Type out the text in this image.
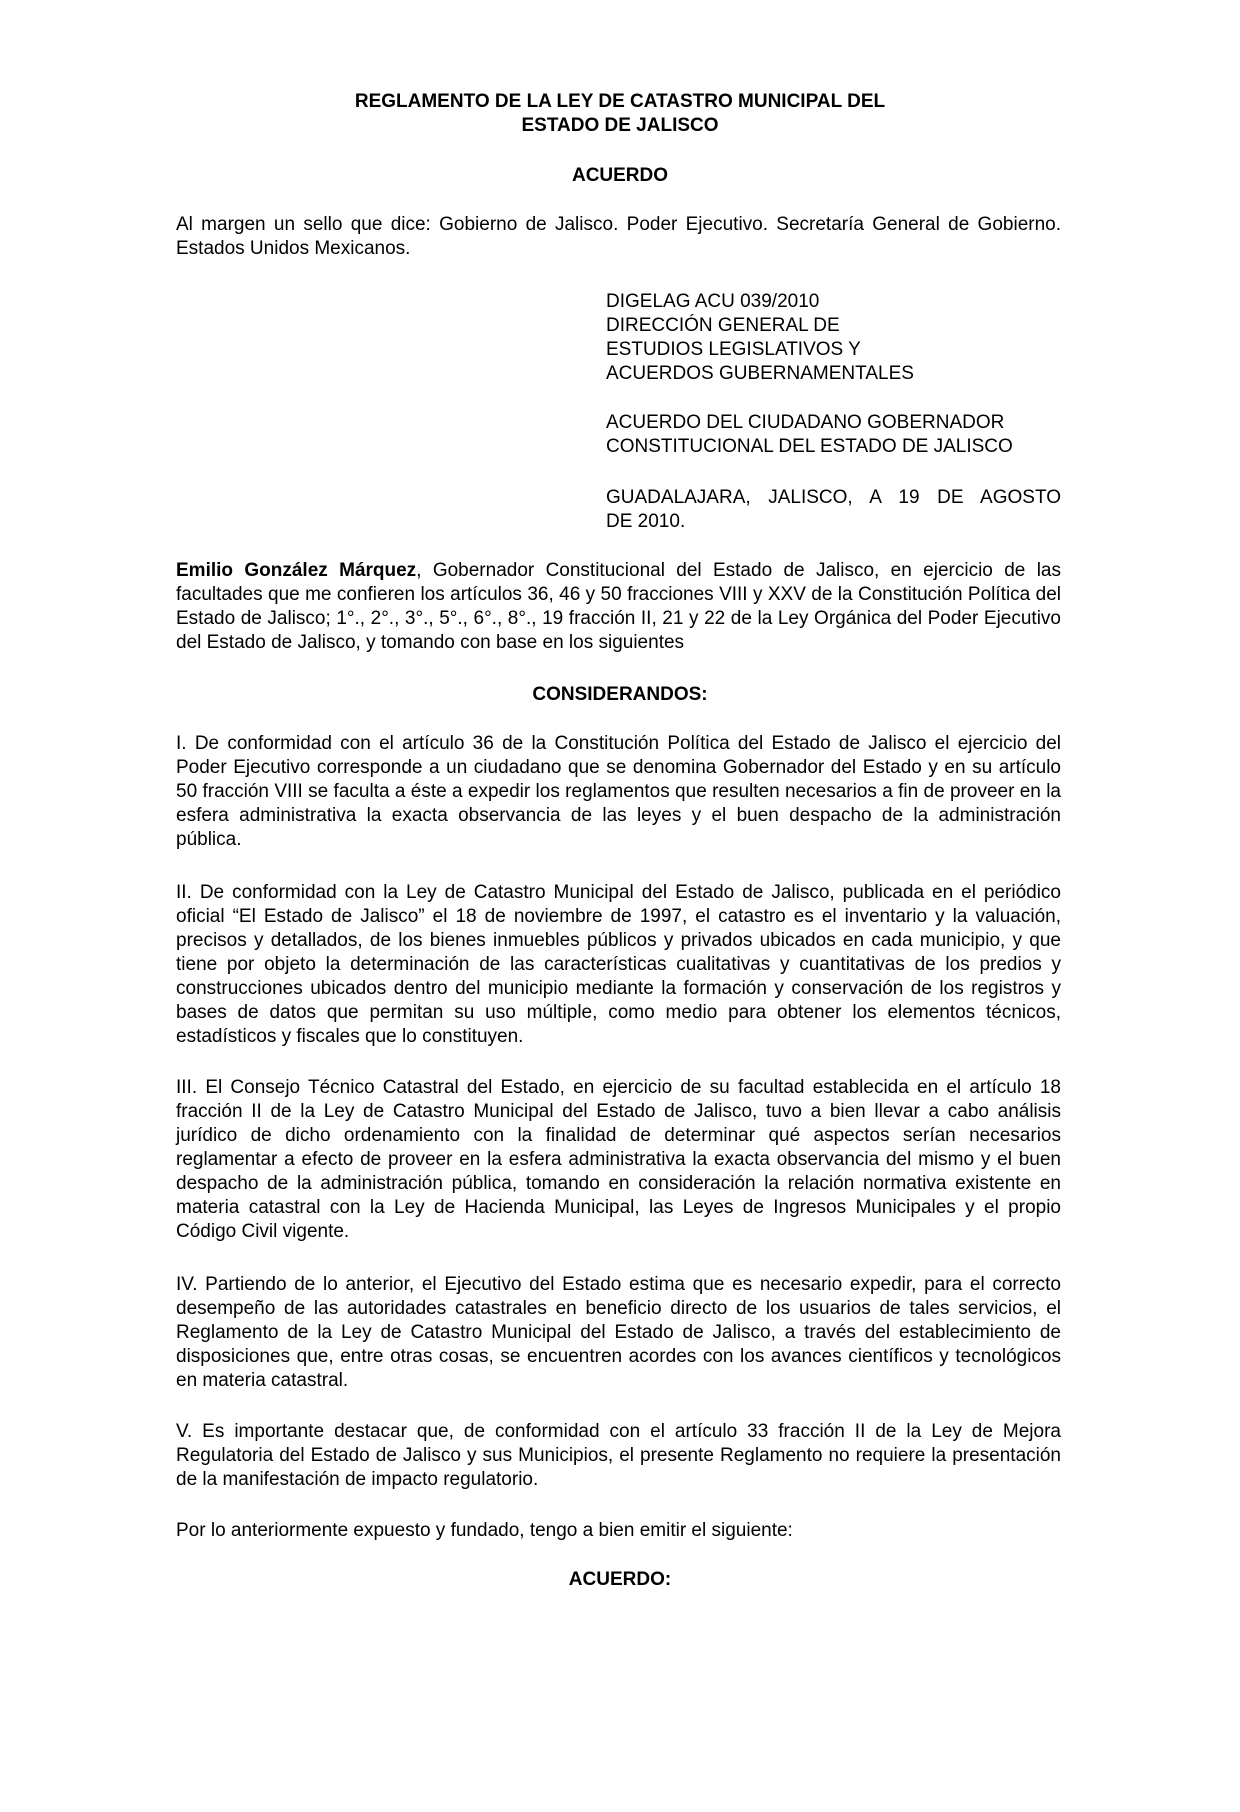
REGLAMENTO DE LA LEY DE CATASTRO MUNICIPAL DEL
ESTADO DE JALISCO
ACUERDO
Al margen un sello que dice: Gobierno de Jalisco. Poder Ejecutivo. Secretaría General de Gobierno. Estados Unidos Mexicanos.
DIGELAG ACU 039/2010
DIRECCIÓN GENERAL DE
ESTUDIOS LEGISLATIVOS Y
ACUERDOS GUBERNAMENTALES
ACUERDO DEL CIUDADANO GOBERNADOR
CONSTITUCIONAL DEL ESTADO DE JALISCO
GUADALAJARA, JALISCO, A 19 DE AGOSTO
DE 2010.
Emilio González Márquez, Gobernador Constitucional del Estado de Jalisco, en ejercicio de las facultades que me confieren los artículos 36, 46 y 50 fracciones VIII y XXV de la Constitución Política del Estado de Jalisco; 1°., 2°., 3°., 5°., 6°., 8°., 19 fracción II, 21 y 22 de la Ley Orgánica del Poder Ejecutivo del Estado de Jalisco, y tomando con base en los siguientes
CONSIDERANDOS:
I. De conformidad con el artículo 36 de la Constitución Política del Estado de Jalisco el ejercicio del Poder Ejecutivo corresponde a un ciudadano que se denomina Gobernador del Estado y en su artículo 50 fracción VIII se faculta a éste a expedir los reglamentos que resulten necesarios a fin de proveer en la esfera administrativa la exacta observancia de las leyes y el buen despacho de la administración pública.
II. De conformidad con la Ley de Catastro Municipal del Estado de Jalisco, publicada en el periódico oficial “El Estado de Jalisco” el 18 de noviembre de 1997, el catastro es el inventario y la valuación, precisos y detallados, de los bienes inmuebles públicos y privados ubicados en cada municipio, y que tiene por objeto la determinación de las características cualitativas y cuantitativas de los predios y construcciones ubicados dentro del municipio mediante la formación y conservación de los registros y bases de datos que permitan su uso múltiple, como medio para obtener los elementos técnicos, estadísticos y fiscales que lo constituyen.
III. El Consejo Técnico Catastral del Estado, en ejercicio de su facultad establecida en el artículo 18 fracción II de la Ley de Catastro Municipal del Estado de Jalisco, tuvo a bien llevar a cabo análisis jurídico de dicho ordenamiento con la finalidad de determinar qué aspectos serían necesarios reglamentar a efecto de proveer en la esfera administrativa la exacta observancia del mismo y el buen despacho de la administración pública, tomando en consideración la relación normativa existente en materia catastral con la Ley de Hacienda Municipal, las Leyes de Ingresos Municipales y el propio Código Civil vigente.
IV. Partiendo de lo anterior, el Ejecutivo del Estado estima que es necesario expedir, para el correcto desempeño de las autoridades catastrales en beneficio directo de los usuarios de tales servicios, el Reglamento de la Ley de Catastro Municipal del Estado de Jalisco, a través del establecimiento de disposiciones que, entre otras cosas, se encuentren acordes con los avances científicos y tecnológicos en materia catastral.
V. Es importante destacar que, de conformidad con el artículo 33 fracción II de la Ley de Mejora Regulatoria del Estado de Jalisco y sus Municipios, el presente Reglamento no requiere la presentación de la manifestación de impacto regulatorio.
Por lo anteriormente expuesto y fundado, tengo a bien emitir el siguiente:
ACUERDO:
